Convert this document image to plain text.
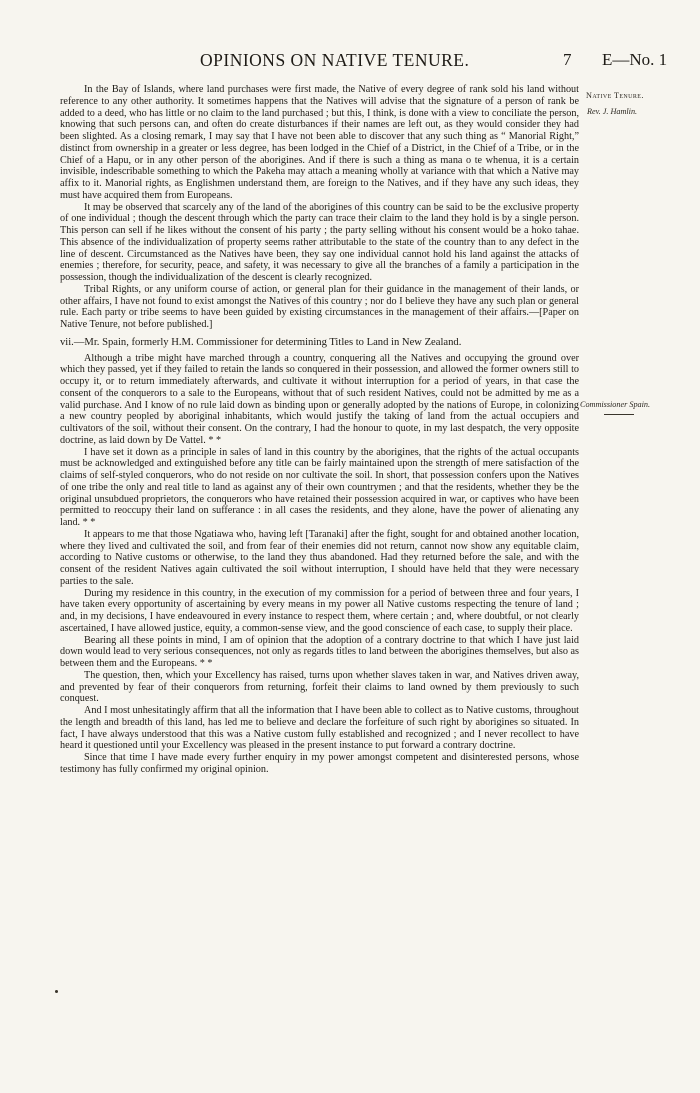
OPINIONS ON NATIVE TENURE.	7 E—No. 1
Native Tenure.
Rev. J. Hamlin.
Commissioner Spain.

In the Bay of Islands, where land purchases were first made, the Native of every degree of rank sold his land without reference to any other authority. It sometimes happens that the Natives will advise that the signature of a person of rank be added to a deed, who has little or no claim to the land purchased ; but this, I think, is done with a view to conciliate the person, knowing that such persons can, and often do create disturbances if their names are left out, as they would consider they had been slighted. As a closing remark, I may say that I have not been able to discover that any such thing as “ Manorial Right,” distinct from ownership in a greater or less degree, has been lodged in the Chief of a District, in the Chief of a Tribe, or in the Chief of a Hapu, or in any other person of the aborigines. And if there is such a thing as mana o te whenua, it is a certain invisible, indescribable something to which the Pakeha may attach a meaning wholly at variance with that which a Native may affix to it. Manorial rights, as Englishmen understand them, are foreign to the Natives, and if they have any such ideas, they must have acquired them from Europeans.

It may be observed that scarcely any of the land of the aborigines of this country can be said to be the exclusive property of one individual ; though the descent through which the party can trace their claim to the land they hold is by a single person. This person can sell if he likes without the consent of his party ; the party selling without his consent would be a hoko tahae. This absence of the individualization of property seems rather attributable to the state of the country than to any defect in the line of descent. Circumstanced as the Natives have been, they say one individual cannot hold his land against the attacks of enemies ; therefore, for security, peace, and safety, it was necessary to give all the branches of a family a participation in the possession, though the individualization of the descent is clearly recognized.

Tribal Rights, or any uniform course of action, or general plan for their guidance in the management of their lands, or other affairs, I have not found to exist amongst the Natives of this country ; nor do I believe they have any such plan or general rule. Each party or tribe seems to have been guided by existing circumstances in the management of their affairs.—[Paper on Native Tenure, not before published.]

vii.—Mr. Spain, formerly H.M. Commissioner for determining Titles to Land in New Zealand.

Although a tribe might have marched through a country, conquering all the Natives and occupying the ground over which they passed, yet if they failed to retain the lands so conquered in their possession, and allowed the former owners still to occupy it, or to return immediately afterwards, and cultivate it without interruption for a period of years, in that case the consent of the conquerors to a sale to the Europeans, without that of such resident Natives, could not be admitted by me as a valid purchase. And I know of no rule laid down as binding upon or generally adopted by the nations of Europe, in colonizing a new country peopled by aboriginal inhabitants, which would justify the taking of land from the actual occupiers and cultivators of the soil, without their consent. On the contrary, I had the honour to quote, in my last despatch, the very opposite doctrine, as laid down by De Vattel. * *

I have set it down as a principle in sales of land in this country by the aborigines, that the rights of the actual occupants must be acknowledged and extinguished before any title can be fairly maintained upon the strength of mere satisfaction of the claims of self-styled conquerors, who do not reside on nor cultivate the soil. In short, that possession confers upon the Natives of one tribe the only and real title to land as against any of their own countrymen ; and that the residents, whether they be the original unsubdued proprietors, the conquerors who have retained their possession acquired in war, or captives who have been permitted to reoccupy their land on sufferance : in all cases the residents, and they alone, have the power of alienating any land. * *

It appears to me that those Ngatiawa who, having left [Taranaki] after the fight, sought for and obtained another location, where they lived and cultivated the soil, and from fear of their enemies did not return, cannot now show any equitable claim, according to Native customs or otherwise, to the land they thus abandoned. Had they returned before the sale, and with the consent of the resident Natives again cultivated the soil without interruption, I should have held that they were necessary parties to the sale.

During my residence in this country, in the execution of my commission for a period of between three and four years, I have taken every opportunity of ascertaining by every means in my power all Native customs respecting the tenure of land ; and, in my decisions, I have endeavoured in every instance to respect them, where certain ; and, where doubtful, or not clearly ascertained, I have allowed justice, equity, a common-sense view, and the good conscience of each case, to supply their place.

Bearing all these points in mind, I am of opinion that the adoption of a contrary doctrine to that which I have just laid down would lead to very serious consequences, not only as regards titles to land between the aborigines themselves, but also as between them and the Europeans. * *

The question, then, which your Excellency has raised, turns upon whether slaves taken in war, and Natives driven away, and prevented by fear of their conquerors from returning, forfeit their claims to land owned by them previously to such conquest.

And I most unhesitatingly affirm that all the information that I have been able to collect as to Native customs, throughout the length and breadth of this land, has led me to believe and declare the forfeiture of such right by aborigines so situated. In fact, I have always understood that this was a Native custom fully established and recognized ; and I never recollect to have heard it questioned until your Excellency was pleased in the present instance to put forward a contrary doctrine.

Since that time I have made every further enquiry in my power amongst competent and disinterested persons, whose testimony has fully confirmed my original opinion.
